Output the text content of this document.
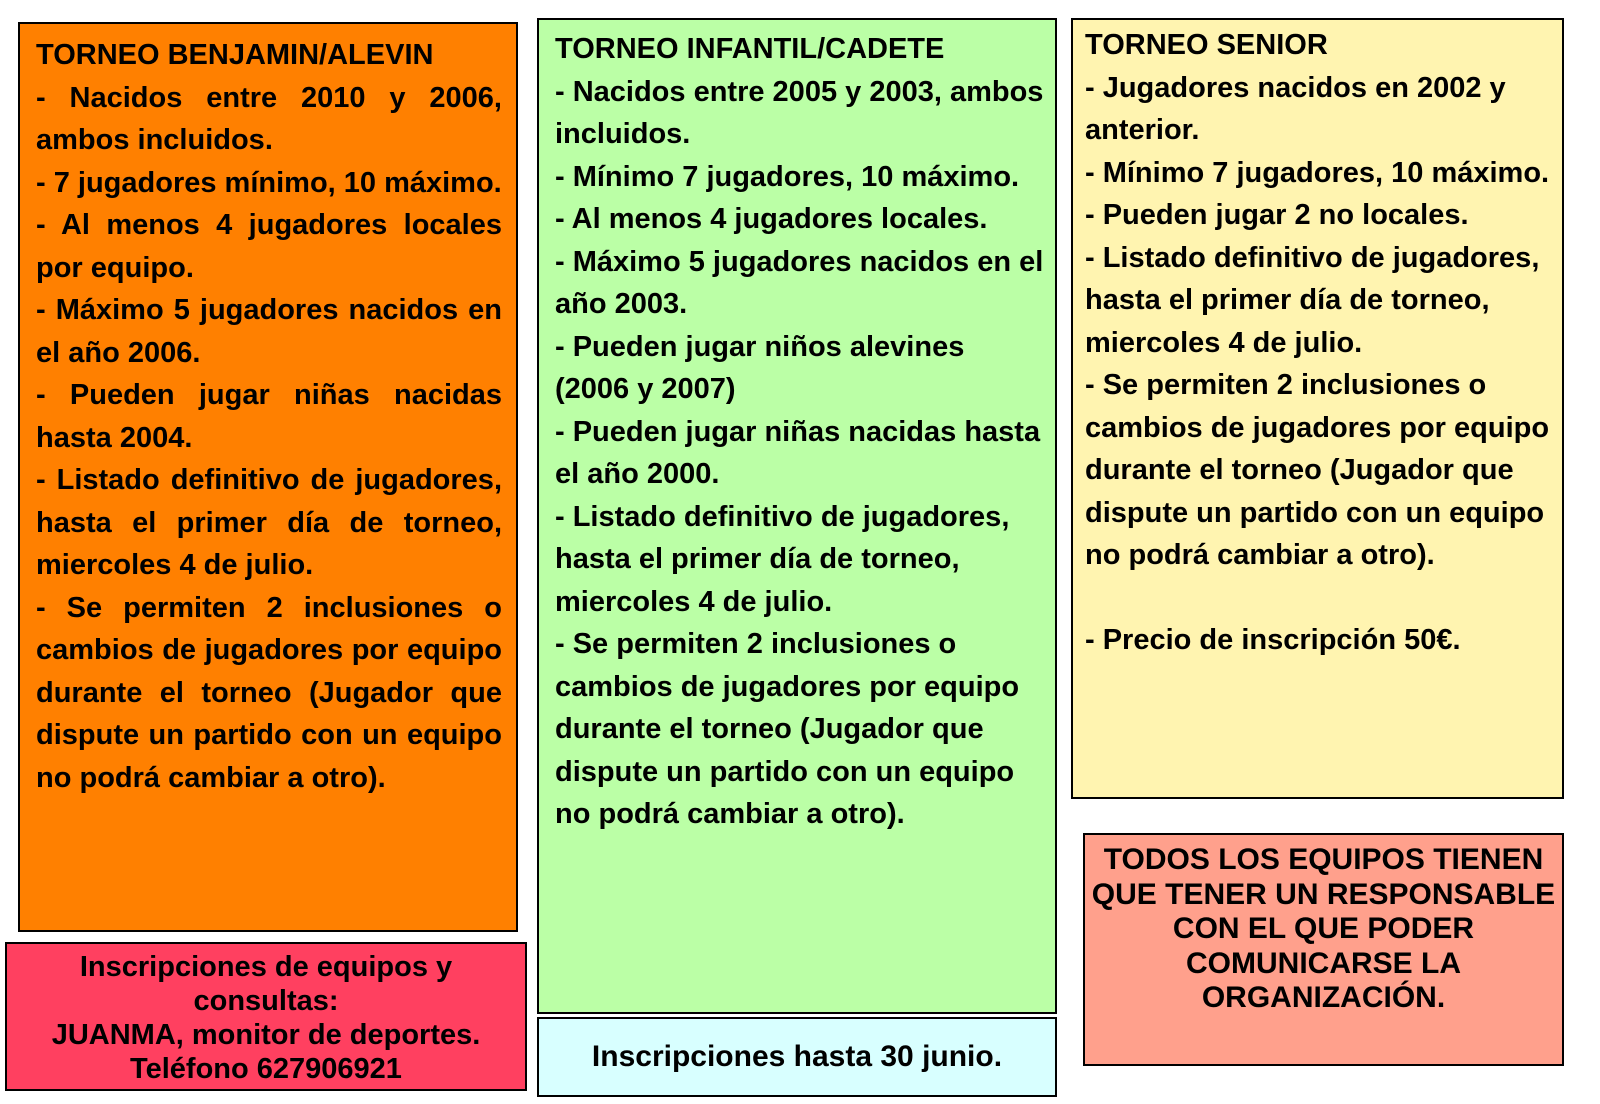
TORNEO BENJAMIN/ALEVIN
- Nacidos entre 2010 y 2006, ambos incluidos.
- 7 jugadores mínimo, 10 máximo.
- Al menos 4 jugadores locales por equipo.
- Máximo 5 jugadores nacidos en el año 2006.
- Pueden jugar niñas nacidas hasta 2004.
- Listado definitivo de jugadores, hasta el primer día de torneo, miercoles 4 de julio.
- Se permiten 2 inclusiones o cambios de jugadores por equipo durante el torneo (Jugador que dispute un partido con un equipo no podrá cambiar a otro).
TORNEO INFANTIL/CADETE
- Nacidos entre 2005 y 2003, ambos incluidos.
- Mínimo 7 jugadores, 10 máximo.
- Al menos 4 jugadores locales.
- Máximo 5 jugadores nacidos en el año 2003.
- Pueden jugar niños alevines (2006 y 2007)
- Pueden jugar niñas nacidas hasta el año 2000.
- Listado definitivo de jugadores, hasta el primer día de torneo, miercoles 4 de julio.
- Se permiten 2 inclusiones o cambios de jugadores por equipo durante el torneo (Jugador que dispute un partido con un equipo no podrá cambiar a otro).
TORNEO SENIOR
- Jugadores nacidos en 2002 y anterior.
- Mínimo 7 jugadores, 10 máximo.
- Pueden jugar 2 no locales.
- Listado definitivo de jugadores, hasta el primer día de torneo, miercoles 4 de julio.
- Se permiten 2 inclusiones o cambios de jugadores por equipo durante el torneo (Jugador que dispute un partido con un equipo no podrá cambiar a otro).
- Precio de inscripción 50€.
Inscripciones de equipos y consultas:
JUANMA, monitor de deportes.
Teléfono 627906921	Inscripciones hasta 30 junio.
TODOS LOS EQUIPOS TIENEN QUE TENER UN RESPONSABLE CON EL QUE PODER COMUNICARSE LA ORGANIZACIÓN.
